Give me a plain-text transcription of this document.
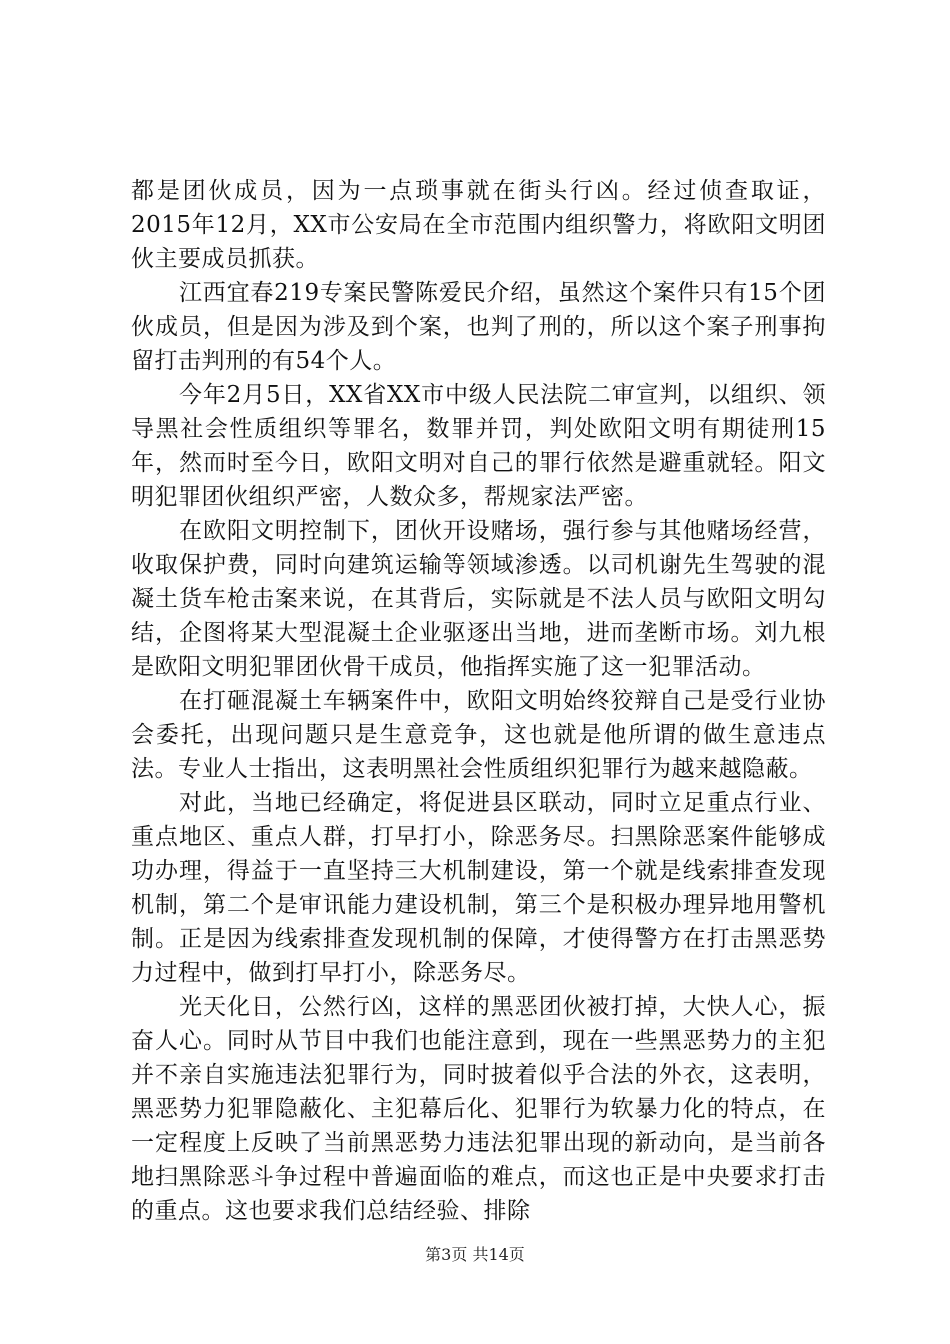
都是团伙成员，因为一点琐事就在街头行凶。经过侦查取证，2015年12月，XX市公安局在全市范围内组织警力，将欧阳文明团伙主要成员抓获。

江西宜春219专案民警陈爱民介绍，虽然这个案件只有15个团伙成员，但是因为涉及到个案，也判了刑的，所以这个案子刑事拘留打击判刑的有54个人。

今年2月5日，XX省XX市中级人民法院二审宣判，以组织、领导黑社会性质组织等罪名，数罪并罚，判处欧阳文明有期徒刑15年，然而时至今日，欧阳文明对自己的罪行依然是避重就轻。阳文明犯罪团伙组织严密，人数众多，帮规家法严密。

在欧阳文明控制下，团伙开设赌场，强行参与其他赌场经营，收取保护费，同时向建筑运输等领域渗透。以司机谢先生驾驶的混凝土货车枪击案来说，在其背后，实际就是不法人员与欧阳文明勾结，企图将某大型混凝土企业驱逐出当地，进而垄断市场。刘九根是欧阳文明犯罪团伙骨干成员，他指挥实施了这一犯罪活动。

在打砸混凝土车辆案件中，欧阳文明始终狡辩自己是受行业协会委托，出现问题只是生意竞争，这也就是他所谓的做生意违点法。专业人士指出，这表明黑社会性质组织犯罪行为越来越隐蔽。

对此，当地已经确定，将促进县区联动，同时立足重点行业、重点地区、重点人群，打早打小，除恶务尽。扫黑除恶案件能够成功办理，得益于一直坚持三大机制建设，第一个就是线索排查发现机制，第二个是审讯能力建设机制，第三个是积极办理异地用警机制。正是因为线索排查发现机制的保障，才使得警方在打击黑恶势力过程中，做到打早打小，除恶务尽。

光天化日，公然行凶，这样的黑恶团伙被打掉，大快人心，振奋人心。同时从节目中我们也能注意到，现在一些黑恶势力的主犯并不亲自实施违法犯罪行为，同时披着似乎合法的外衣，这表明，黑恶势力犯罪隐蔽化、主犯幕后化、犯罪行为软暴力化的特点，在一定程度上反映了当前黑恶势力违法犯罪出现的新动向，是当前各地扫黑除恶斗争过程中普遍面临的难点，而这也正是中央要求打击的重点。这也要求我们总结经验、排除

第3页 共14页
